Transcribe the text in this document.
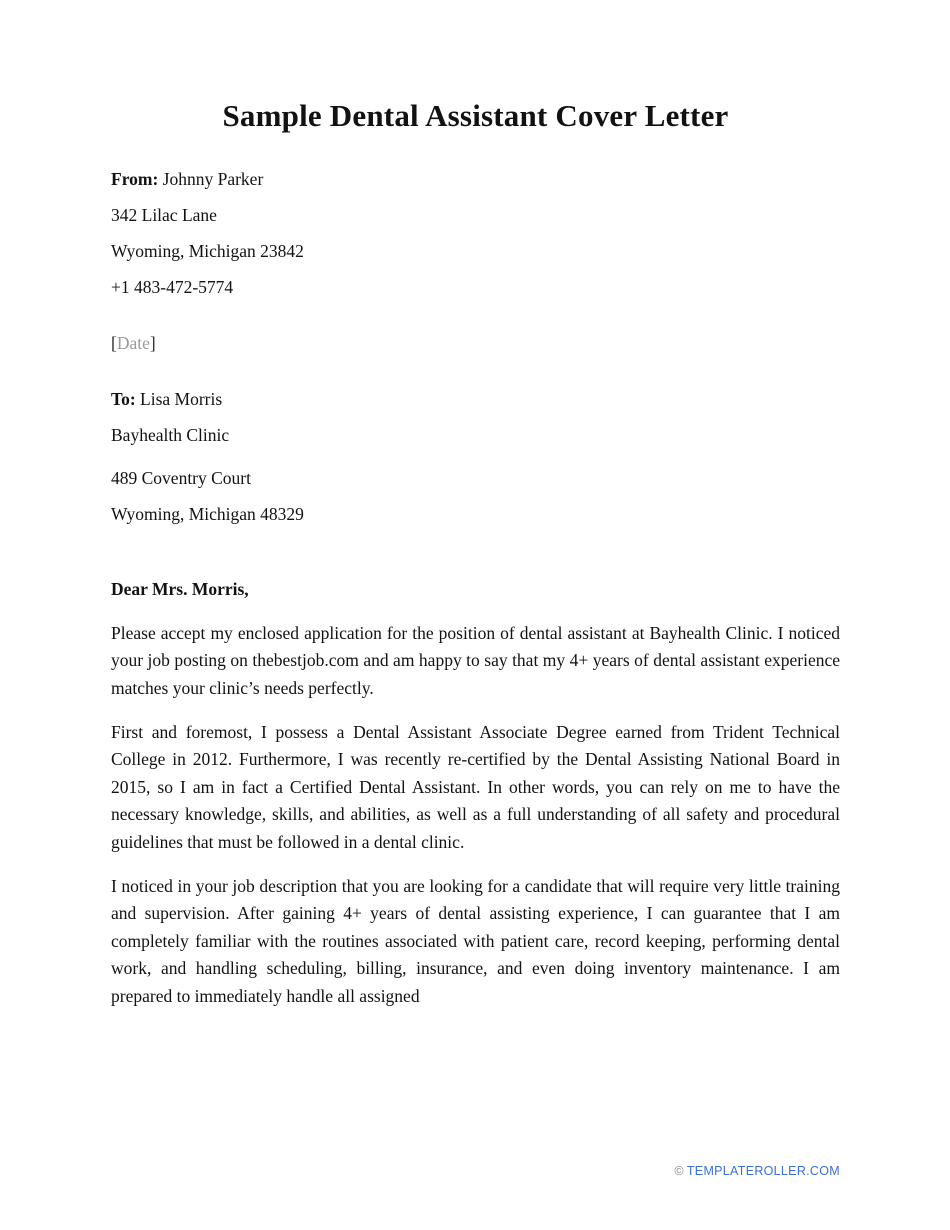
Sample Dental Assistant Cover Letter

From: Johnny Parker

342 Lilac Lane

Wyoming, Michigan 23842

+1 483-472-5774

[Date]

To: Lisa Morris

Bayhealth Clinic

489 Coventry Court

Wyoming, Michigan 48329

Dear Mrs. Morris,

Please accept my enclosed application for the position of dental assistant at Bayhealth Clinic. I noticed your job posting on thebestjob.com and am happy to say that my 4+ years of dental assistant experience matches your clinic’s needs perfectly.

First and foremost, I possess a Dental Assistant Associate Degree earned from Trident Technical College in 2012. Furthermore, I was recently re-certified by the Dental Assisting National Board in 2015, so I am in fact a Certified Dental Assistant. In other words, you can rely on me to have the necessary knowledge, skills, and abilities, as well as a full understanding of all safety and procedural guidelines that must be followed in a dental clinic.

I noticed in your job description that you are looking for a candidate that will require very little training and supervision. After gaining 4+ years of dental assisting experience, I can guarantee that I am completely familiar with the routines associated with patient care, record keeping, performing dental work, and handling scheduling, billing, insurance, and even doing inventory maintenance. I am prepared to immediately handle all assigned

© TEMPLATEROLLER.COM
